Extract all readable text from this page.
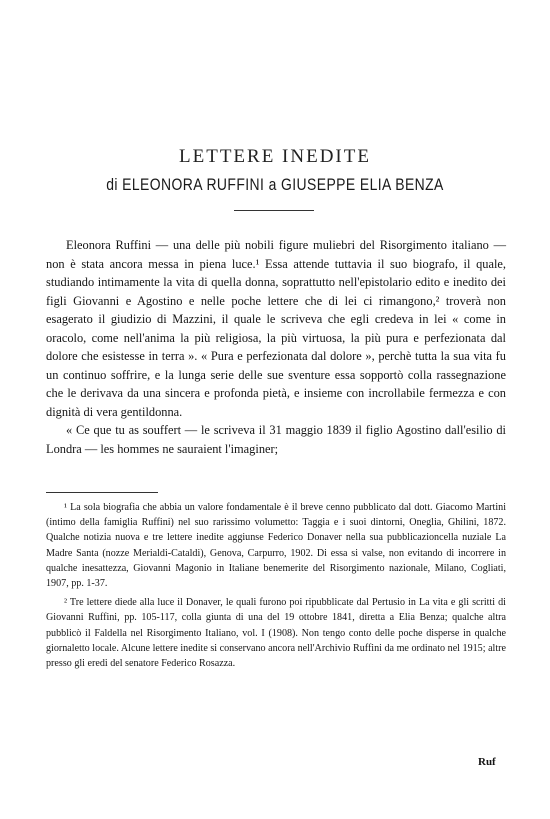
LETTERE INEDITE
di ELEONORA RUFFINI a GIUSEPPE ELIA BENZA

Eleonora Ruffini — una delle più nobili figure muliebri del Risorgimento italiano — non è stata ancora messa in piena luce.¹ Essa attende tuttavia il suo biografo, il quale, studiando intimamente la vita di quella donna, soprattutto nell'epistolario edito e inedito dei figli Giovanni e Agostino e nelle poche lettere che di lei ci rimangono,² troverà non esagerato il giudizio di Mazzini, il quale le scriveva che egli credeva in lei « come in oracolo, come nell'anima la più religiosa, la più virtuosa, la più pura e perfezionata dal dolore che esistesse in terra ». « Pura e perfezionata dal dolore », perchè tutta la sua vita fu un continuo soffrire, e la lunga serie delle sue sventure essa sopportò colla rassegnazione che le derivava da una sincera e profonda pietà, e insieme con incrollabile fermezza e con dignità di vera gentildonna.

« Ce que tu as souffert — le scriveva il 31 maggio 1839 il figlio Agostino dall'esilio di Londra — les hommes ne sauraient l'imaginer;

¹ La sola biografia che abbia un valore fondamentale è il breve cenno pubblicato dal dott. Giacomo Martini (intimo della famiglia Ruffini) nel suo rarissimo volumetto: Taggia e i suoi dintorni, Oneglia, Ghilini, 1872. Qualche notizia nuova e tre lettere inedite aggiunse Federico Donaver nella sua pubblicazioncella nuziale La Madre Santa (nozze Merialdi-Cataldi), Genova, Carpurro, 1902. Di essa si valse, non evitando di incorrere in qualche inesattezza, Giovanni Magonio in Italiane benemerite del Risorgimento nazionale, Milano, Cogliati, 1907, pp. 1-37.

² Tre lettere diede alla luce il Donaver, le quali furono poi ripubblicate dal Pertusio in La vita e gli scritti di Giovanni Ruffini, pp. 105-117, colla giunta di una del 19 ottobre 1841, diretta a Elia Benza; qualche altra pubblicò il Faldella nel Risorgimento Italiano, vol. I (1908). Non tengo conto delle poche disperse in qualche giornaletto locale. Alcune lettere inedite si conservano ancora nell'Archivio Ruffini da me ordinato nel 1915; altre presso gli eredi del senatore Federico Rosazza.

Ruf
